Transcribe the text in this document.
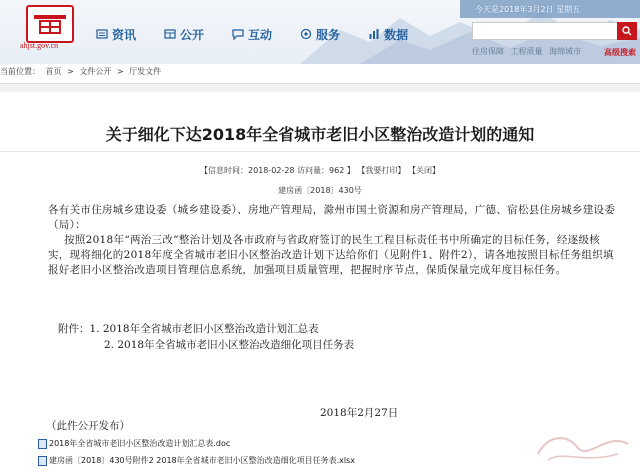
ahjst.gov.cn
资讯	公开	互动	服务	数据
今天是2018年3月2日 星期五
住房保障 工程质量 海绵城市	高级搜索
当前位置： 首页 > 文件公开 > 厅发文件
关于细化下达2018年全省城市老旧小区整治改造计划的通知
【信息时间：2018-02-28 访问量：962 】 【我要打印】 【关闭】
建房函〔2018〕430号

各有关市住房城乡建设委（城乡建设委）、房地产管理局，滁州市国土资源和房产管理局，广德、宿松县住房城乡建设委（局）：

按照2018年“两治三改”整治计划及各市政府与省政府签订的民生工程目标责任书中所确定的目标任务，经逐级核实，现将细化的2018年度全省城市老旧小区整治改造计划下达给你们（见附件1、附件2），请各地按照目标任务组织填报好老旧小区整治改造项目管理信息系统，加强项目质量管理，把握时序节点，保质保量完成年度目标任务。

附件：1. 2018年全省城市老旧小区整治改造计划汇总表
2. 2018年全省城市老旧小区整治改造细化项目任务表
2018年2月27日
（此件公开发布）
2018年全省城市老旧小区整治改造计划汇总表.doc
建房函〔2018〕430号附件2 2018年全省城市老旧小区整治改造细化项目任务表.xlsx
